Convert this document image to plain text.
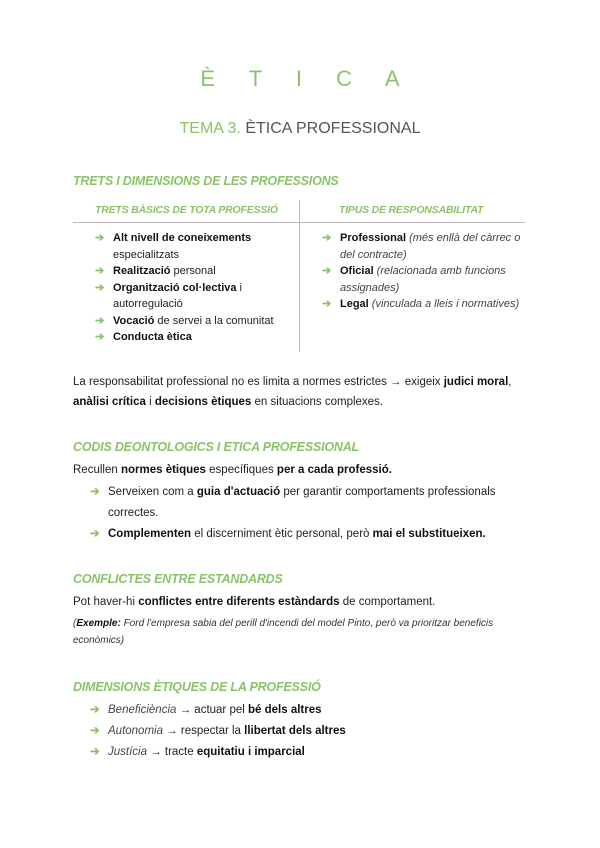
È T I C A
TEMA 3. ÈTICA PROFESSIONAL
TRETS I DIMENSIONS DE LES PROFESSIONS
TRETS BÀSICS DE TOTA PROFESSIÓ	TIPUS DE RESPONSABILITAT
➔ Alt nivell de coneixements especialitzats
➔ Realització personal
➔ Organització col·lectiva i autorregulació
➔ Vocació de servei a la comunitat
➔ Conducta ètica
➔ Professional (més enllà del càrrec o del contracte)
➔ Oficial (relacionada amb funcions assignades)
➔ Legal (vinculada a lleis i normatives)
La responsabilitat professional no es limita a normes estrictes → exigeix judici moral,
anàlisi crítica i decisions ètiques en situacions complexes.
CODIS DEONTOLOGICS I ETICA PROFESSIONAL
Recullen normes ètiques específiques per a cada professió.
➔ Serveixen com a guia d'actuació per garantir comportaments professionals correctes.
➔ Complementen el discerniment ètic personal, però mai el substitueixen.
CONFLICTES ENTRE ESTANDARDS
Pot haver-hi conflictes entre diferents estàndards de comportament.
(Exemple: Ford l'empresa sabia del perill d'incendi del model Pinto, però va prioritzar beneficis econòmics)
DIMENSIONS ÈTIQUES DE LA PROFESSIÓ
➔ Beneficiència → actuar pel bé dels altres
➔ Autonomia → respectar la llibertat dels altres
➔ Justícia → tracte equitatiu i imparcial
